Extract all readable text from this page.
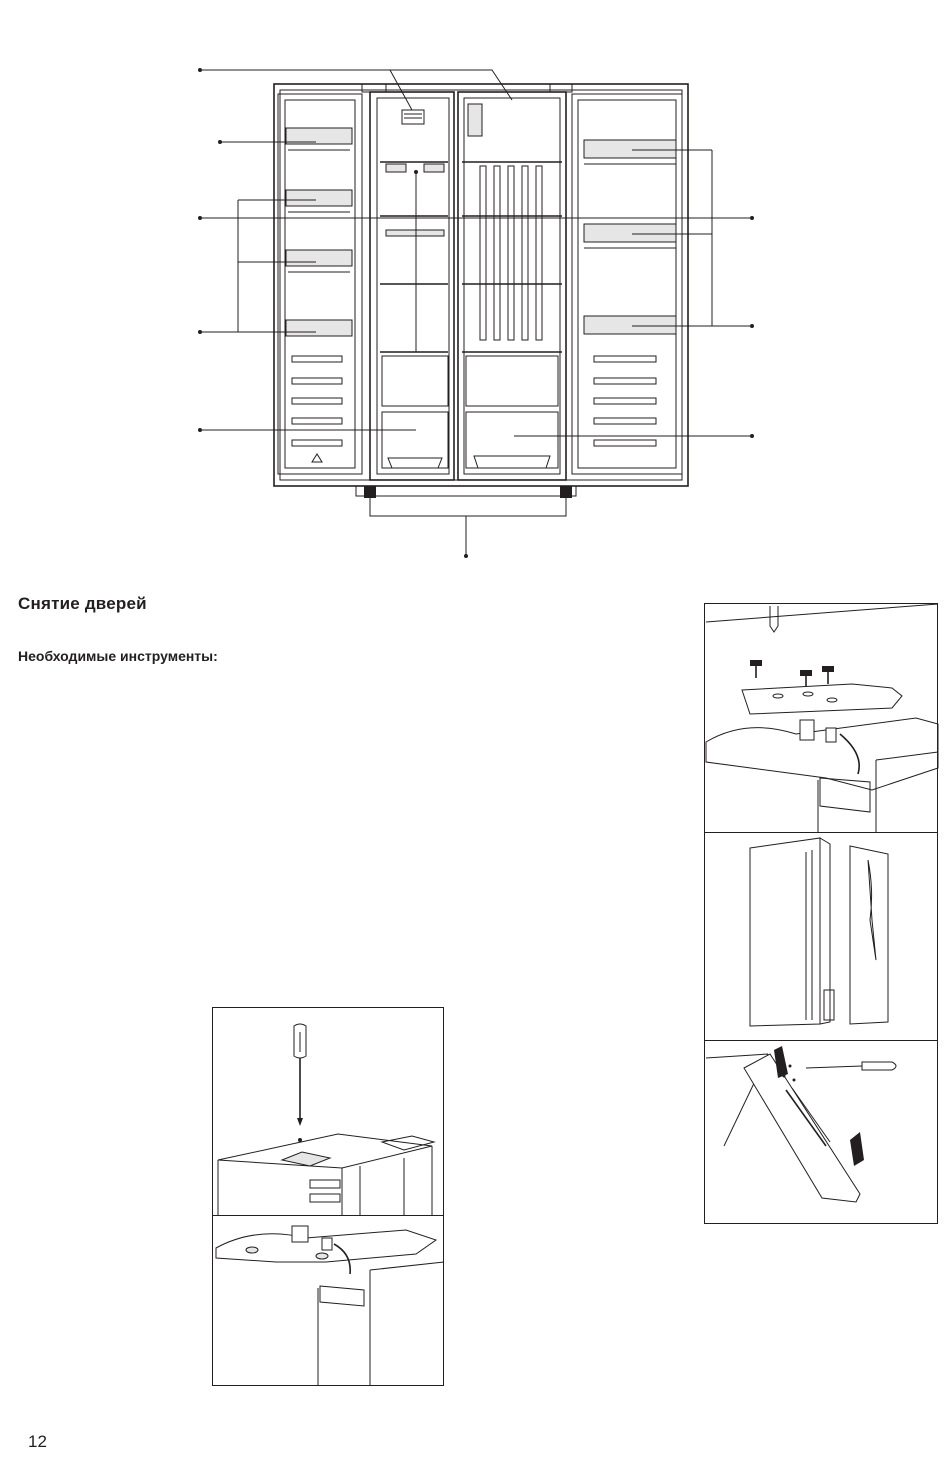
Снятие дверей
Необходимые инструменты:
12
